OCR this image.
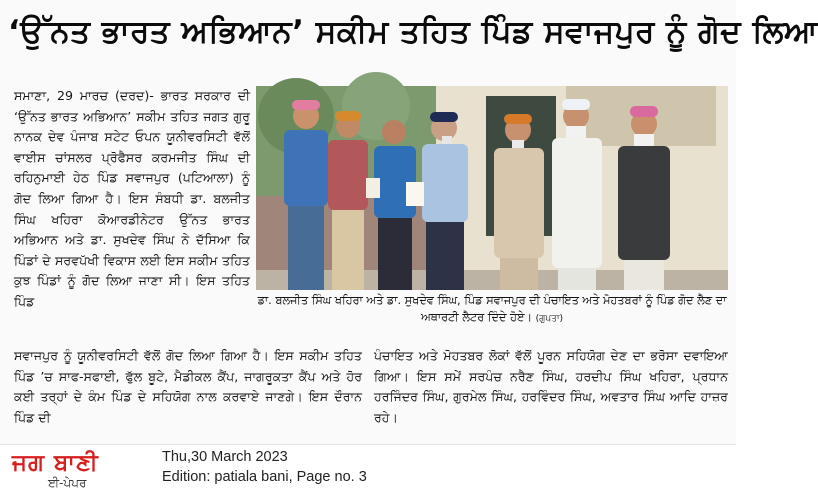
‘ਉੱਨਤ ਭਾਰਤ ਅਭਿਆਨ’ ਸਕੀਮ ਤਹਿਤ ਪਿੰਡ ਸਵਾਜਪੁਰ ਨੂੰ ਗੋਦ ਲਿਆ

ਸਮਾਣਾ, 29 ਮਾਰਚ (ਦਰਦ)- ਭਾਰਤ ਸਰਕਾਰ ਦੀ ‘ਉੱਨਤ ਭਾਰਤ ਅਭਿਆਨ’ ਸਕੀਮ ਤਹਿਤ ਜਗਤ ਗੁਰੂ ਨਾਨਕ ਦੇਵ ਪੰਜਾਬ ਸਟੇਟ ਓਪਨ ਯੂਨੀਵਰਸਿਟੀ ਵੱਲੋਂ ਵਾਈਸ ਚਾਂਸਲਰ ਪ੍ਰੋਫੈਸਰ ਕਰਮਜੀਤ ਸਿੰਘ ਦੀ ਰਹਿਨੁਮਾਈ ਹੇਠ ਪਿੰਡ ਸਵਾਜਪੁਰ (ਪਟਿਆਲਾ) ਨੂੰ ਗੋਦ ਲਿਆ ਗਿਆ ਹੈ। ਇਸ ਸੰਬਧੀ ਡਾ. ਬਲਜੀਤ ਸਿੰਘ ਖਹਿਰਾ ਕੋਆਰਡੀਨੇਟਰ ਉੱਨਤ ਭਾਰਤ ਅਭਿਆਨ ਅਤੇ ਡਾ. ਸੁਖਦੇਵ ਸਿੰਘ ਨੇ ਦੱਸਿਆ ਕਿ ਪਿੰਡਾਂ ਦੇ ਸਰਵਪੱਖੀ ਵਿਕਾਸ ਲਈ ਇਸ ਸਕੀਮ ਤਹਿਤ ਕੁਝ ਪਿੰਡਾਂ ਨੂੰ ਗੋਦ ਲਿਆ ਜਾਣਾ ਸੀ। ਇਸ ਤਹਿਤ ਪਿੰਡ	ਡਾ. ਬਲਜੀਤ ਸਿੰਘ ਖਹਿਰਾ ਅਤੇ ਡਾ. ਸੁਖਦੇਵ ਸਿੰਘ, ਪਿੰਡ ਸਵਾਜਪੁਰ ਦੀ ਪੰਚਾਇਤ ਅਤੇ ਮੋਹਤਬਰਾਂ ਨੂੰ ਪਿੰਡ ਗੋਦ ਲੈਣ ਦਾ ਅਥਾਰਟੀ ਲੈਟਰ ਦਿੰਦੇ ਹੋਏ। (ਗੁਪਤਾ)

ਸਵਾਜਪੁਰ ਨੂੰ ਯੂਨੀਵਰਸਿਟੀ ਵੱਲੋਂ ਗੋਦ ਲਿਆ ਗਿਆ ਹੈ। ਇਸ ਸਕੀਮ ਤਹਿਤ ਪਿੰਡ ’ਚ ਸਾਫ-ਸਫਾਈ, ਫੁੱਲ ਬੂਟੇ, ਮੈਡੀਕਲ ਕੈਂਪ, ਜਾਗਰੂਕਤਾ ਕੈਂਪ ਅਤੇ ਹੋਰ ਕਈ ਤਰ੍ਹਾਂ ਦੇ ਕੰਮ ਪਿੰਡ ਦੇ ਸਹਿਯੋਗ ਨਾਲ ਕਰਵਾਏ ਜਾਣਗੇ। ਇਸ ਦੌਰਾਨ ਪਿੰਡ ਦੀ

ਪੰਚਾਇਤ ਅਤੇ ਮੋਹਤਬਰ ਲੋਕਾਂ ਵੱਲੋਂ ਪੂਰਨ ਸਹਿਯੋਗ ਦੇਣ ਦਾ ਭਰੋਸਾ ਦਵਾਇਆ ਗਿਆ। ਇਸ ਸਮੇਂ ਸਰਪੰਚ ਨਰੈਣ ਸਿੰਘ, ਹਰਦੀਪ ਸਿੰਘ ਖਹਿਰਾ, ਪ੍ਰਧਾਨ ਹਰਜਿੰਦਰ ਸਿੰਘ, ਗੁਰਮੇਲ ਸਿੰਘ, ਹਰਵਿੰਦਰ ਸਿੰਘ, ਅਵਤਾਰ ਸਿੰਘ ਆਦਿ ਹਾਜ਼ਰ ਰਹੇ।

ਜਗ ਬਾਣੀ
ਈ-ਪੇਪਰ
Thu,30 March 2023
Edition: patiala bani, Page no. 3
